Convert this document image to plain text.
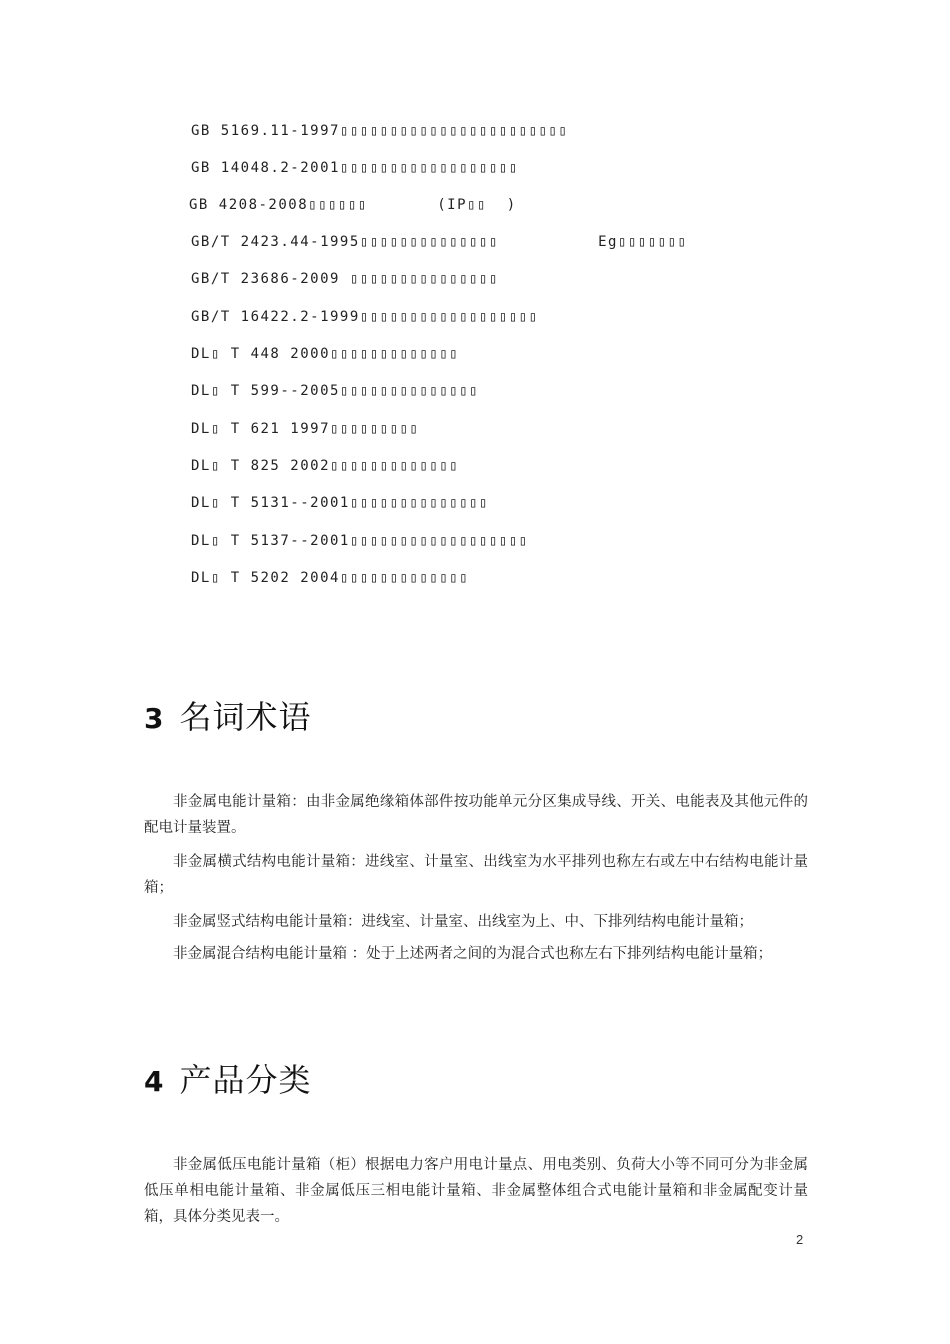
GB 5169.11-1997▯▯▯▯▯▯▯▯▯▯▯▯▯▯▯▯▯▯▯▯▯▯▯
GB 14048.2-2001▯▯▯▯▯▯▯▯▯▯▯▯▯▯▯▯▯▯
GB 4208-2008▯▯▯▯▯▯       (IP▯▯  )
GB/T 2423.44-1995▯▯▯▯▯▯▯▯▯▯▯▯▯▯          Eg▯▯▯▯▯▯▯
GB/T 23686-2009 ▯▯▯▯▯▯▯▯▯▯▯▯▯▯▯
GB/T 16422.2-1999▯▯▯▯▯▯▯▯▯▯▯▯▯▯▯▯▯▯
DL▯ T 448 2000▯▯▯▯▯▯▯▯▯▯▯▯▯
DL▯ T 599--2005▯▯▯▯▯▯▯▯▯▯▯▯▯▯
DL▯ T 621 1997▯▯▯▯▯▯▯▯▯
DL▯ T 825 2002▯▯▯▯▯▯▯▯▯▯▯▯▯
DL▯ T 5131--2001▯▯▯▯▯▯▯▯▯▯▯▯▯▯
DL▯ T 5137--2001▯▯▯▯▯▯▯▯▯▯▯▯▯▯▯▯▯▯
DL▯ T 5202 2004▯▯▯▯▯▯▯▯▯▯▯▯▯
3 名词术语
非金属电能计量箱：由非金属绝缘箱体部件按功能单元分区集成导线、开关、电能表及其他元件的配电计量装置。
非金属横式结构电能计量箱：进线室、计量室、出线室为水平排列也称左右或左中右结构电能计量箱；
非金属竖式结构电能计量箱：进线室、计量室、出线室为上、中、下排列结构电能计量箱；
非金属混合结构电能计量箱 ：处于上述两者之间的为混合式也称左右下排列结构电能计量箱；
4 产品分类
非金属低压电能计量箱（柜）根据电力客户用电计量点、用电类别、负荷大小等不同可分为非金属低压单相电能计量箱、非金属低压三相电能计量箱、非金属整体组合式电能计量箱和非金属配变计量箱，具体分类见表一。
2
